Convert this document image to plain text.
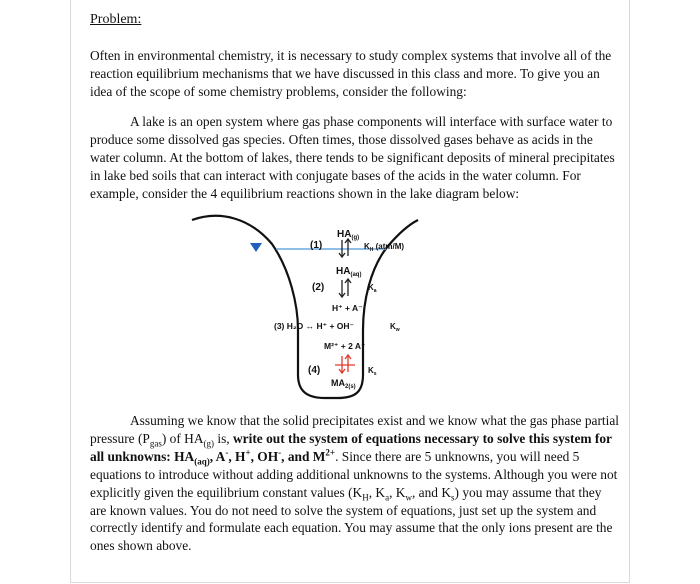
Problem:

Often in environmental chemistry, it is necessary to study complex systems that involve all of the reaction equilibrium mechanisms that we have discussed in this class and more. To give you an idea of the scope of some chemistry problems, consider the following:

A lake is an open system where gas phase components will interface with surface water to produce some dissolved gas species. Often times, those dissolved gases behave as acids in the water column. At the bottom of lakes, there tends to be significant deposits of mineral precipitates in lake bed soils that can interact with conjugate bases of the acids in the water column. For example, consider the 4 equilibrium reactions shown in the lake diagram below:

$HA_{(g)}$
(1)	$K_H$ (atm/M)
$HA_{(aq)}$
(2)	$K_a$
H⁺ + A⁻
(3) H₂O ↔ H⁺ + OH⁻	$K_w$
M²⁺ + 2 A⁻
(4)	$K_s$
$MA_{2(s)}$

Assuming we know that the solid precipitates exist and we know what the gas phase partial pressure $(P_{gas})$ of $HA_{(g)}$ is, write out the system of equations necessary to solve this system for all unknowns: $HA_{(aq)}$, A-, H+, OH-, and $M^{2+}$. Since there are 5 unknowns, you will need 5 equations to introduce without adding additional unknowns to the systems. Although you were not explicitly given the equilibrium constant values ($K_H$, $K_a$, $K_w$, and $K_s$) you may assume that they are known values. You do not need to solve the system of equations, just set up the system and correctly identify and formulate each equation. You may assume that the only ions present are the ones shown above.
